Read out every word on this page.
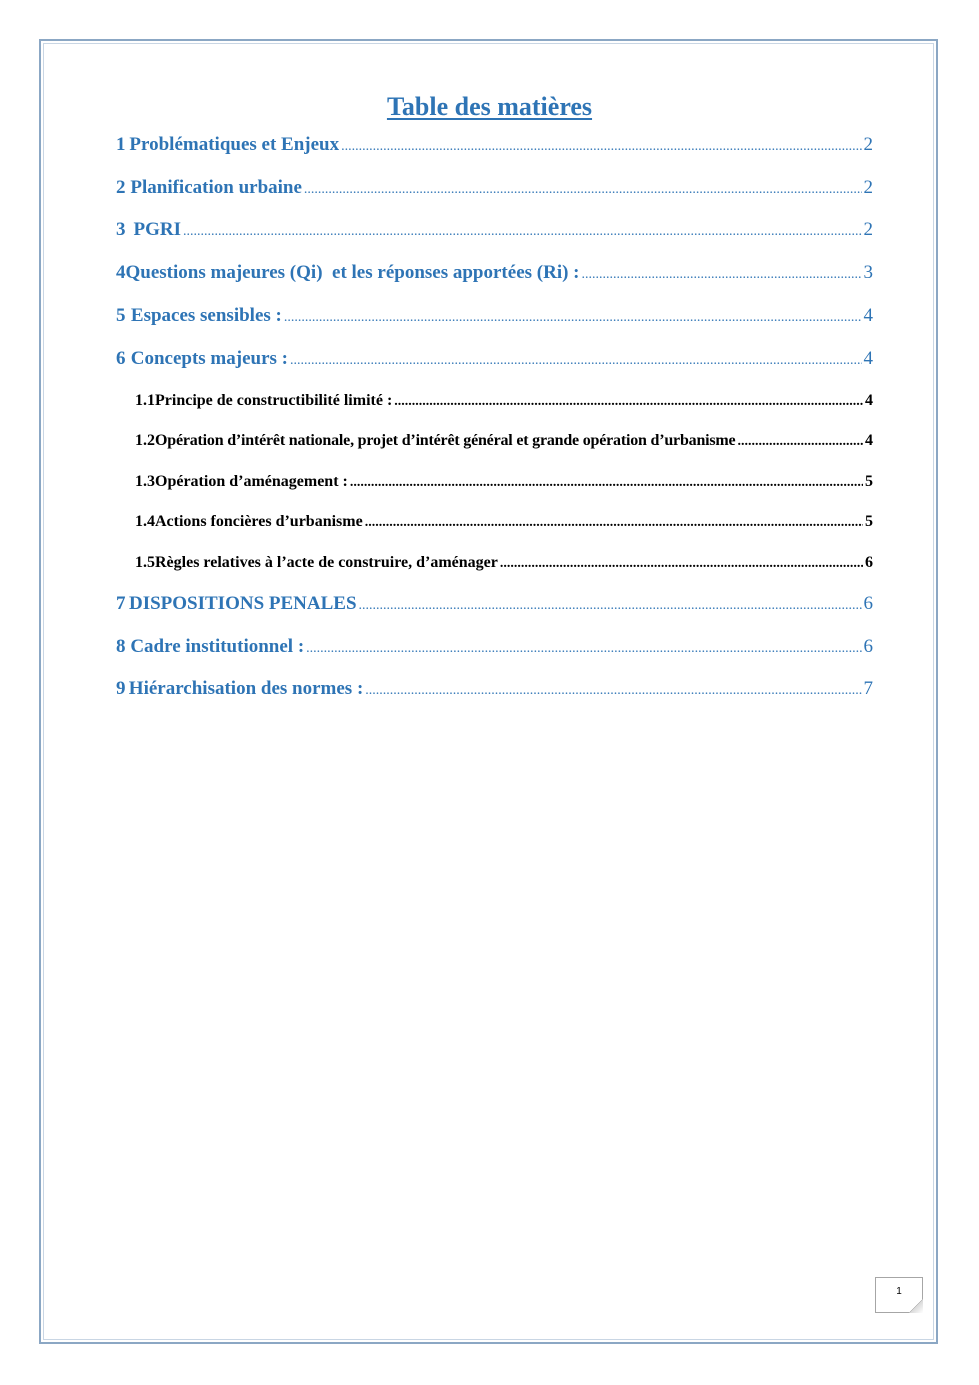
Table des matières
1 Problématiques et Enjeux .....	2
2 Planification urbaine .....	2
3 PGRI .....	2
4 Questions majeures (Qi)  et les réponses apportées (Ri) : .....	3
5 Espaces sensibles : .....	4
6 Concepts majeurs : .....	4
1.1 Principe de constructibilité limité : .....	4
1.2 Opération d’intérêt nationale, projet d’intérêt général et grande opération d’urbanisme .....	4
1.3 Opération d’aménagement : .....	5
1.4 Actions foncières d’urbanisme .....	5
1.5 Règles relatives à l’acte de construire, d’aménager .....	6
7 DISPOSITIONS PENALES .....	6
8 Cadre institutionnel : .....	6
9 Hiérarchisation des normes : .....	7
1
